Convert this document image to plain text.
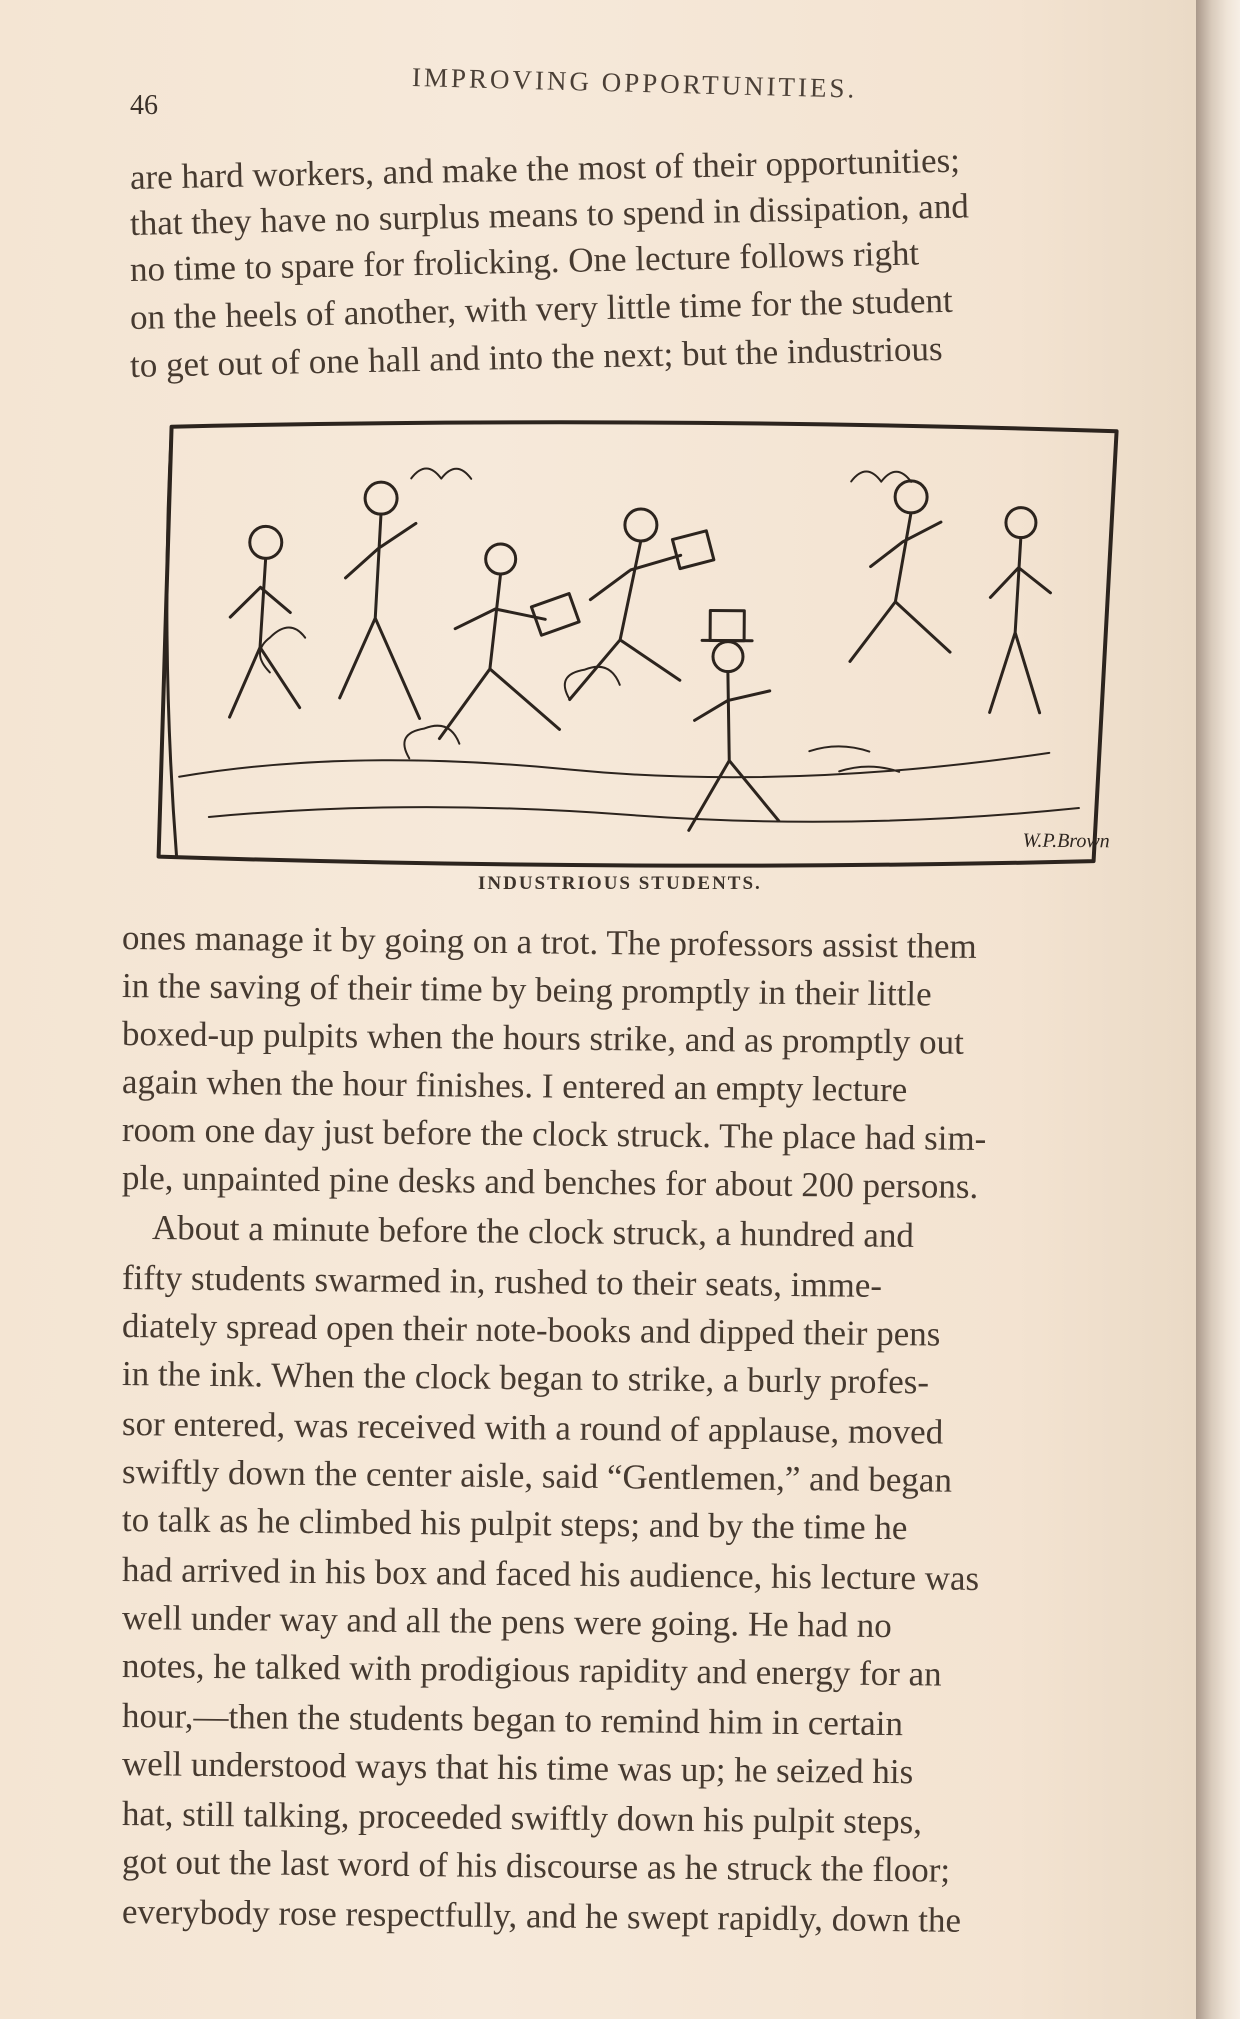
46
IMPROVING OPPORTUNITIES.
are hard workers, and make the most of their opportunities;
that they have no surplus means to spend in dissipation, and
no time to spare for frolicking. One lecture follows right
on the heels of another, with very little time for the student
to get out of one hall and into the next; but the industrious
W.P.Brown
INDUSTRIOUS STUDENTS.
ones manage it by going on a trot. The professors assist them
in the saving of their time by being promptly in their little
boxed-up pulpits when the hours strike, and as promptly out
again when the hour finishes. I entered an empty lecture
room one day just before the clock struck. The place had sim-
ple, unpainted pine desks and benches for about 200 persons.
About a minute before the clock struck, a hundred and
fifty students swarmed in, rushed to their seats, imme-
diately spread open their note-books and dipped their pens
in the ink. When the clock began to strike, a burly profes-
sor entered, was received with a round of applause, moved
swiftly down the center aisle, said “Gentlemen,” and began
to talk as he climbed his pulpit steps; and by the time he
had arrived in his box and faced his audience, his lecture was
well under way and all the pens were going. He had no
notes, he talked with prodigious rapidity and energy for an
hour,—then the students began to remind him in certain
well understood ways that his time was up; he seized his
hat, still talking, proceeded swiftly down his pulpit steps,
got out the last word of his discourse as he struck the floor;
everybody rose respectfully, and he swept rapidly, down the
